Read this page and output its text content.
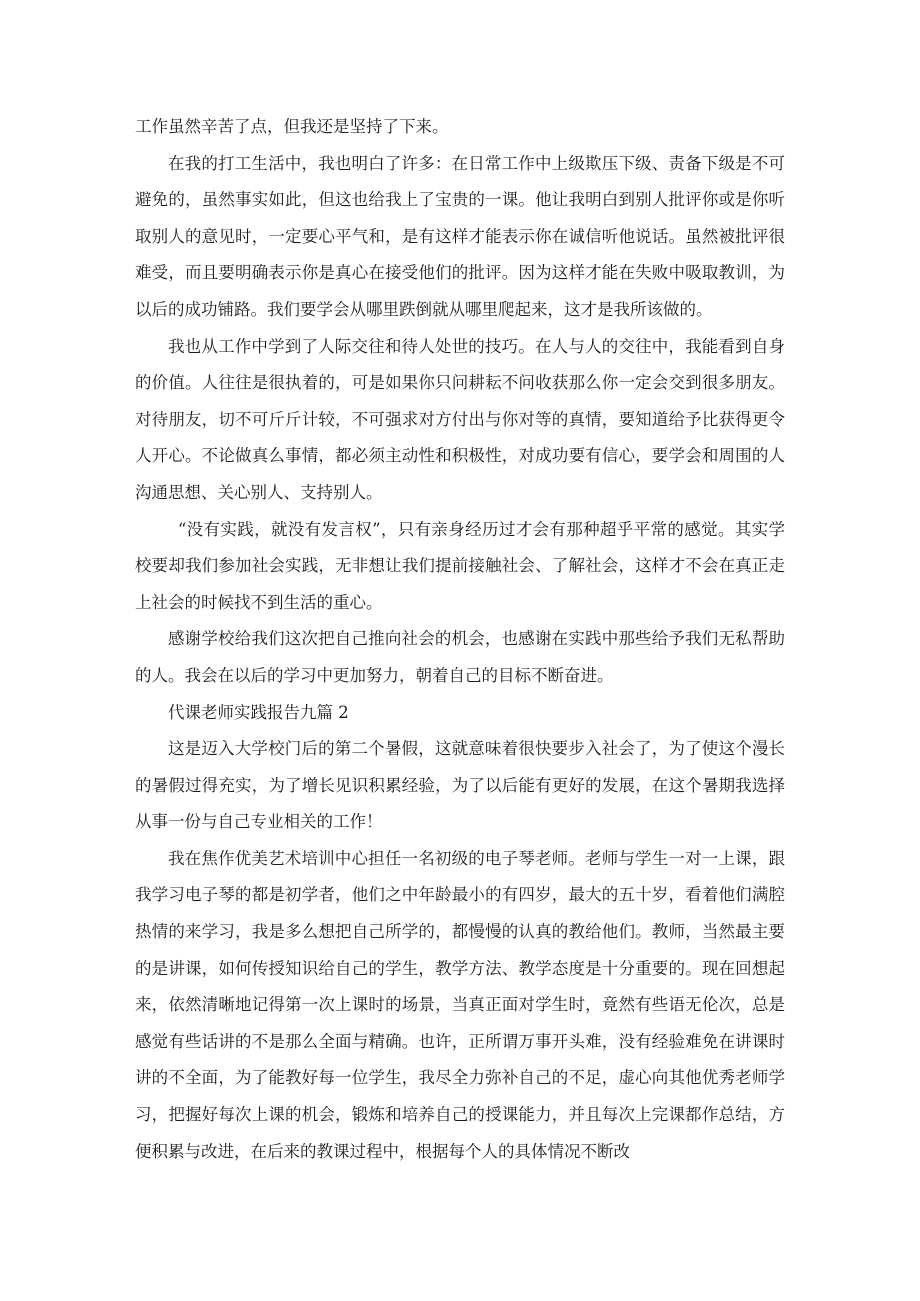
工作虽然辛苦了点，但我还是坚持了下来。

在我的打工生活中，我也明白了许多：在日常工作中上级欺压下级、责备下级是不可避免的，虽然事实如此，但这也给我上了宝贵的一课。他让我明白到别人批评你或是你听取别人的意见时，一定要心平气和，是有这样才能表示你在诚信听他说话。虽然被批评很难受，而且要明确表示你是真心在接受他们的批评。因为这样才能在失败中吸取教训，为以后的成功铺路。我们要学会从哪里跌倒就从哪里爬起来，这才是我所该做的。

我也从工作中学到了人际交往和待人处世的技巧。在人与人的交往中，我能看到自身的价值。人往往是很执着的，可是如果你只问耕耘不问收获那么你一定会交到很多朋友。对待朋友，切不可斤斤计较，不可强求对方付出与你对等的真情，要知道给予比获得更令人开心。不论做真么事情，都必须主动性和积极性，对成功要有信心，要学会和周围的人沟通思想、关心别人、支持别人。

“没有实践，就没有发言权”，只有亲身经历过才会有那种超乎平常的感觉。其实学校要却我们参加社会实践，无非想让我们提前接触社会、了解社会，这样才不会在真正走上社会的时候找不到生活的重心。

感谢学校给我们这次把自己推向社会的机会，也感谢在实践中那些给予我们无私帮助的人。我会在以后的学习中更加努力，朝着自己的目标不断奋进。

代课老师实践报告九篇 2

这是迈入大学校门后的第二个暑假，这就意味着很快要步入社会了，为了使这个漫长的暑假过得充实，为了增长见识积累经验，为了以后能有更好的发展，在这个暑期我选择从事一份与自己专业相关的工作！

我在焦作优美艺术培训中心担任一名初级的电子琴老师。老师与学生一对一上课，跟我学习电子琴的都是初学者，他们之中年龄最小的有四岁，最大的五十岁，看着他们满腔热情的来学习，我是多么想把自己所学的，都慢慢的认真的教给他们。教师，当然最主要的是讲课，如何传授知识给自己的学生，教学方法、教学态度是十分重要的。现在回想起来，依然清晰地记得第一次上课时的场景，当真正面对学生时，竟然有些语无伦次，总是感觉有些话讲的不是那么全面与精确。也许，正所谓万事开头难，没有经验难免在讲课时讲的不全面，为了能教好每一位学生，我尽全力弥补自己的不足，虚心向其他优秀老师学习，把握好每次上课的机会，锻炼和培养自己的授课能力，并且每次上完课都作总结，方便积累与改进，在后来的教课过程中，根据每个人的具体情况不断改
